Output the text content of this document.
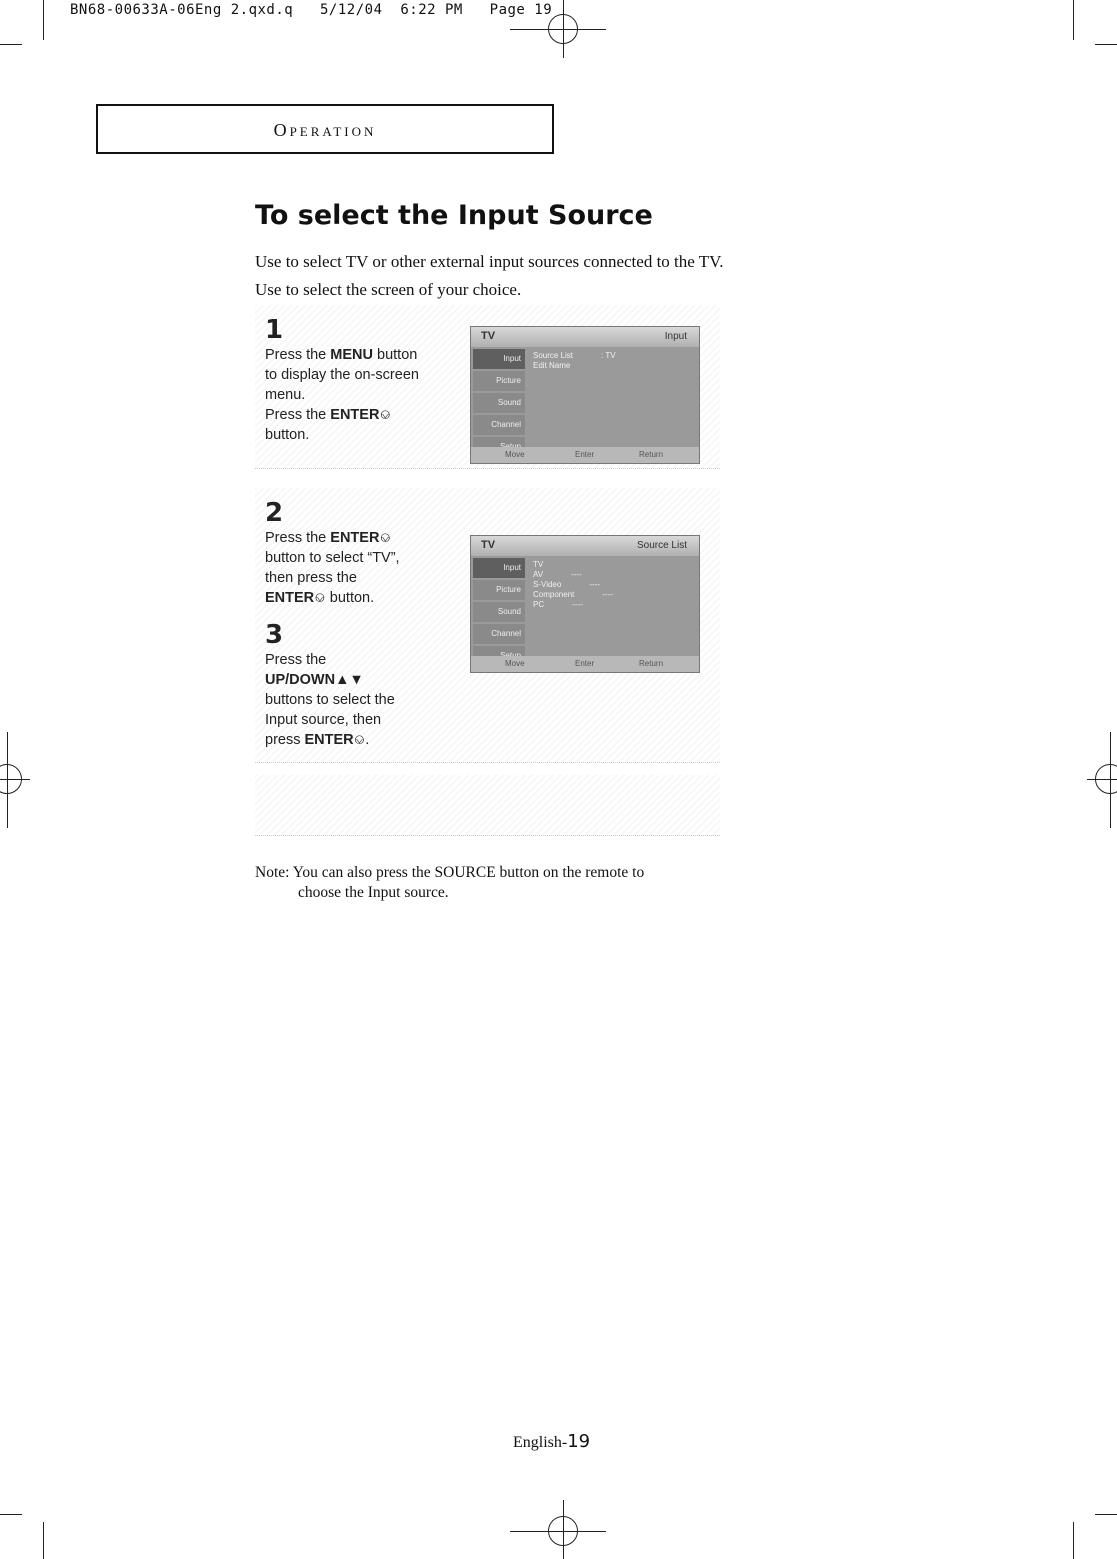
BN68-00633A-06Eng 2.qxd.q   5/12/04  6:22 PM   Page 19
Operation
To select the Input Source
Use to select TV or other external input sources connected to the TV.
Use to select the screen of your choice.
1
Press the MENU button
to display the on-screen
menu.
Press the ENTER⎉
button.
TV	Input
Input
Picture
Sound
Channel
Source List	: TV
Edit Name
Move	Enter	Return
2
Press the ENTER⎉
button to select “TV”,
then press the
ENTER⎉ button.
3
Press the
UP/DOWN▲▼
buttons to select the
Input source, then
press ENTER⎉.
TV	Source List
Input
Picture
Sound
Channel
TV
AV	----
S-Video	----
Component	----
PC	----
Move	Enter	Return
Note: You can also press the SOURCE button on the remote to
choose the Input source.
English-19
